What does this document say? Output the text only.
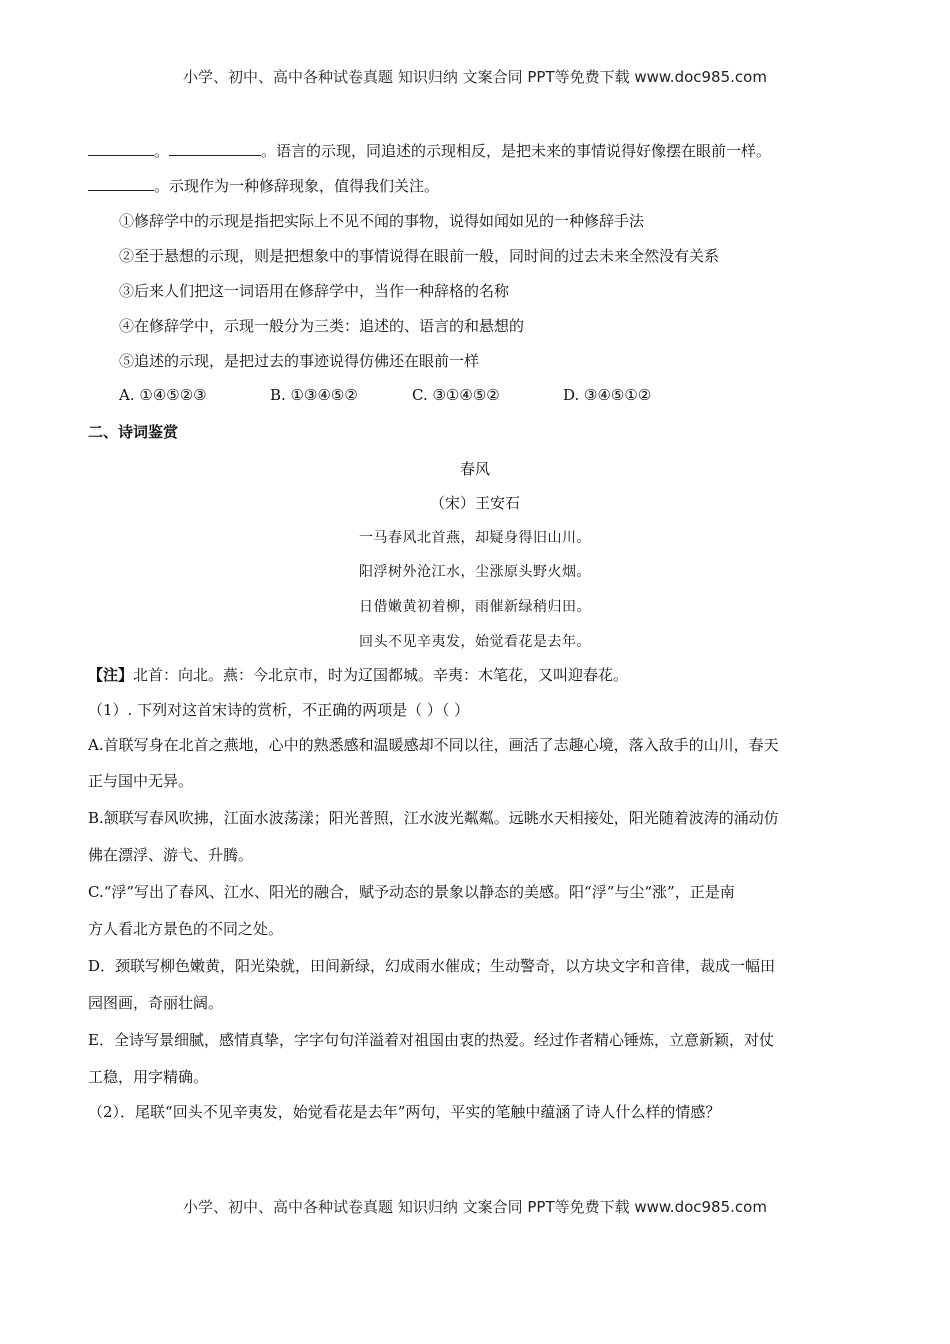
小学、初中、高中各种试卷真题 知识归纳 文案合同 PPT等免费下载 www.doc985.com
。	。语言的示现，同追述的示现相反，是把未来的事情说得好像摆在眼前一样。
。示现作为一种修辞现象，值得我们关注。
①修辞学中的示现是指把实际上不见不闻的事物，说得如闻如见的一种修辞手法
②至于悬想的示现，则是把想象中的事情说得在眼前一般，同时间的过去未来全然没有关系
③后来人们把这一词语用在修辞学中，当作一种辞格的名称
④在修辞学中，示现一般分为三类：追述的、语言的和悬想的
⑤追述的示现，是把过去的事迹说得仿佛还在眼前一样
A. ①④⑤②③	B. ①③④⑤②	C. ③①④⑤②	D. ③④⑤①②
二、诗词鉴赏
春风
（宋）王安石
一马春风北首燕，却疑身得旧山川。
阳浮树外沧江水，尘涨原头野火烟。
日借嫩黄初着柳，雨催新绿稍归田。
回头不见辛夷发，始觉看花是去年。
【注】北首：向北。燕：今北京市，时为辽国都城。辛夷：木笔花，又叫迎春花。
（1）. 下列对这首宋诗的赏析，不正确的两项是（ ）（ ）
A.首联写身在北首之燕地，心中的熟悉感和温暖感却不同以往，画活了志趣心境，落入敌手的山川，春天
正与国中无异。
B.颔联写春风吹拂，江面水波荡漾；阳光普照，江水波光粼粼。远眺水天相接处，阳光随着波涛的涌动仿
佛在漂浮、游弋、升腾。
C.“浮”写出了春风、江水、阳光的融合，赋予动态的景象以静态的美感。阳“浮”与尘“涨”，正是南
方人看北方景色的不同之处。
D．颈联写柳色嫩黄，阳光染就，田间新绿，幻成雨水催成；生动警奇，以方块文字和音律，裁成一幅田
园图画，奇丽壮阔。
E．全诗写景细腻，感情真挚，字字句句洋溢着对祖国由衷的热爱。经过作者精心锤炼，立意新颖，对仗
工稳，用字精确。
（2）．尾联“回头不见辛夷发，始觉看花是去年”两句，平实的笔触中蕴涵了诗人什么样的情感？
小学、初中、高中各种试卷真题 知识归纳 文案合同 PPT等免费下载 www.doc985.com
